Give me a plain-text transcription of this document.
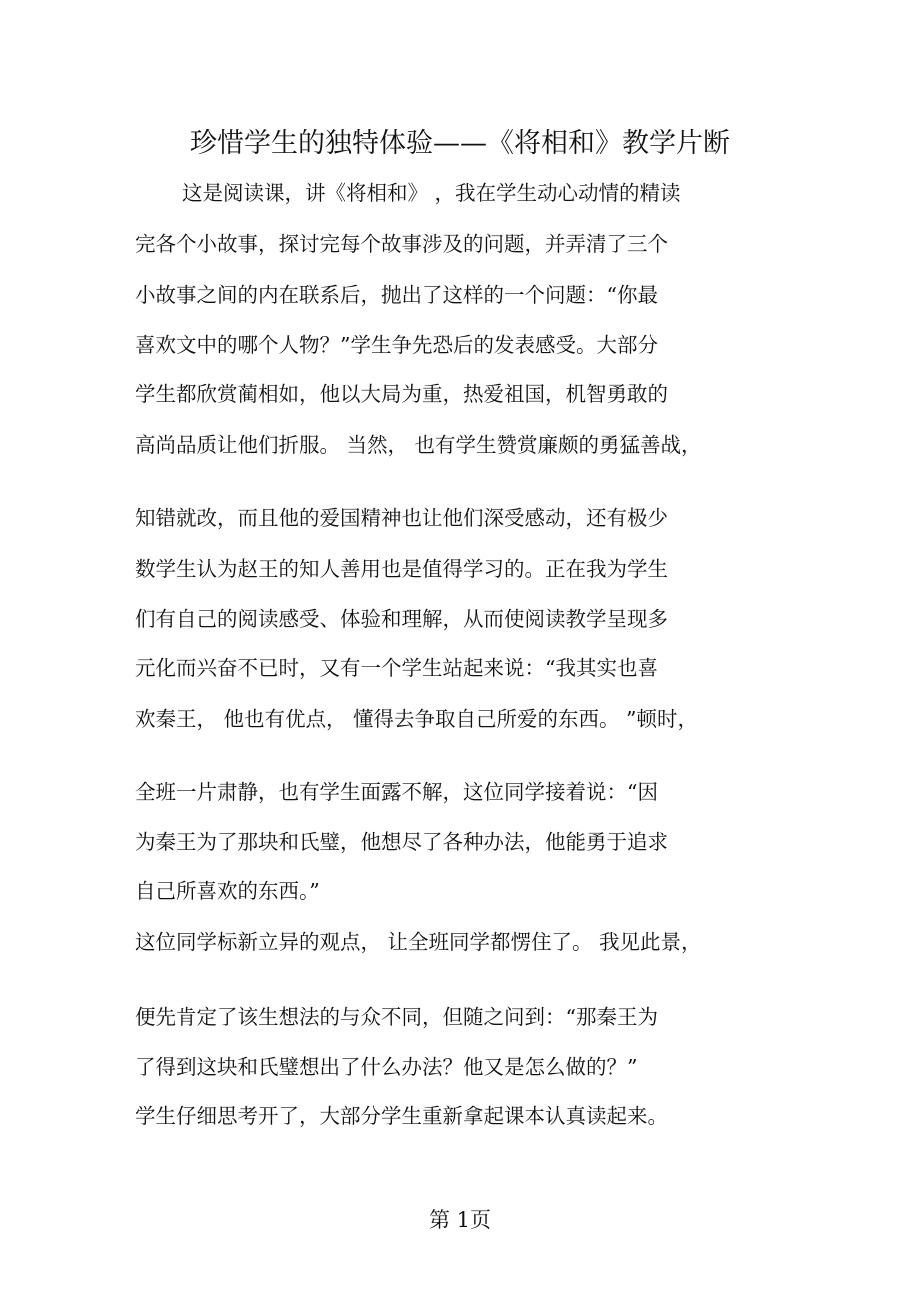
珍惜学生的独特体验——《将相和》教学片断
这是阅读课，讲《将相和》 ，我在学生动心动情的精读
完各个小故事，探讨完每个故事涉及的问题，并弄清了三个
小故事之间的内在联系后，抛出了这样的一个问题：“你最
喜欢文中的哪个人物？”学生争先恐后的发表感受。大部分
学生都欣赏蔺相如，他以大局为重，热爱祖国，机智勇敢的
高尚品质让他们折服。 当然， 也有学生赞赏廉颇的勇猛善战，
知错就改，而且他的爱国精神也让他们深受感动，还有极少
数学生认为赵王的知人善用也是值得学习的。正在我为学生
们有自己的阅读感受、体验和理解，从而使阅读教学呈现多
元化而兴奋不已时，又有一个学生站起来说：“我其实也喜
欢秦王， 他也有优点， 懂得去争取自己所爱的东西。 ”顿时，
全班一片肃静，也有学生面露不解，这位同学接着说：“因
为秦王为了那块和氏璧，他想尽了各种办法，他能勇于追求
自己所喜欢的东西。”
这位同学标新立异的观点， 让全班同学都愣住了。 我见此景，
便先肯定了该生想法的与众不同，但随之问到：“那秦王为
了得到这块和氏璧想出了什么办法？他又是怎么做的？”
学生仔细思考开了，大部分学生重新拿起课本认真读起来。
第 1页
